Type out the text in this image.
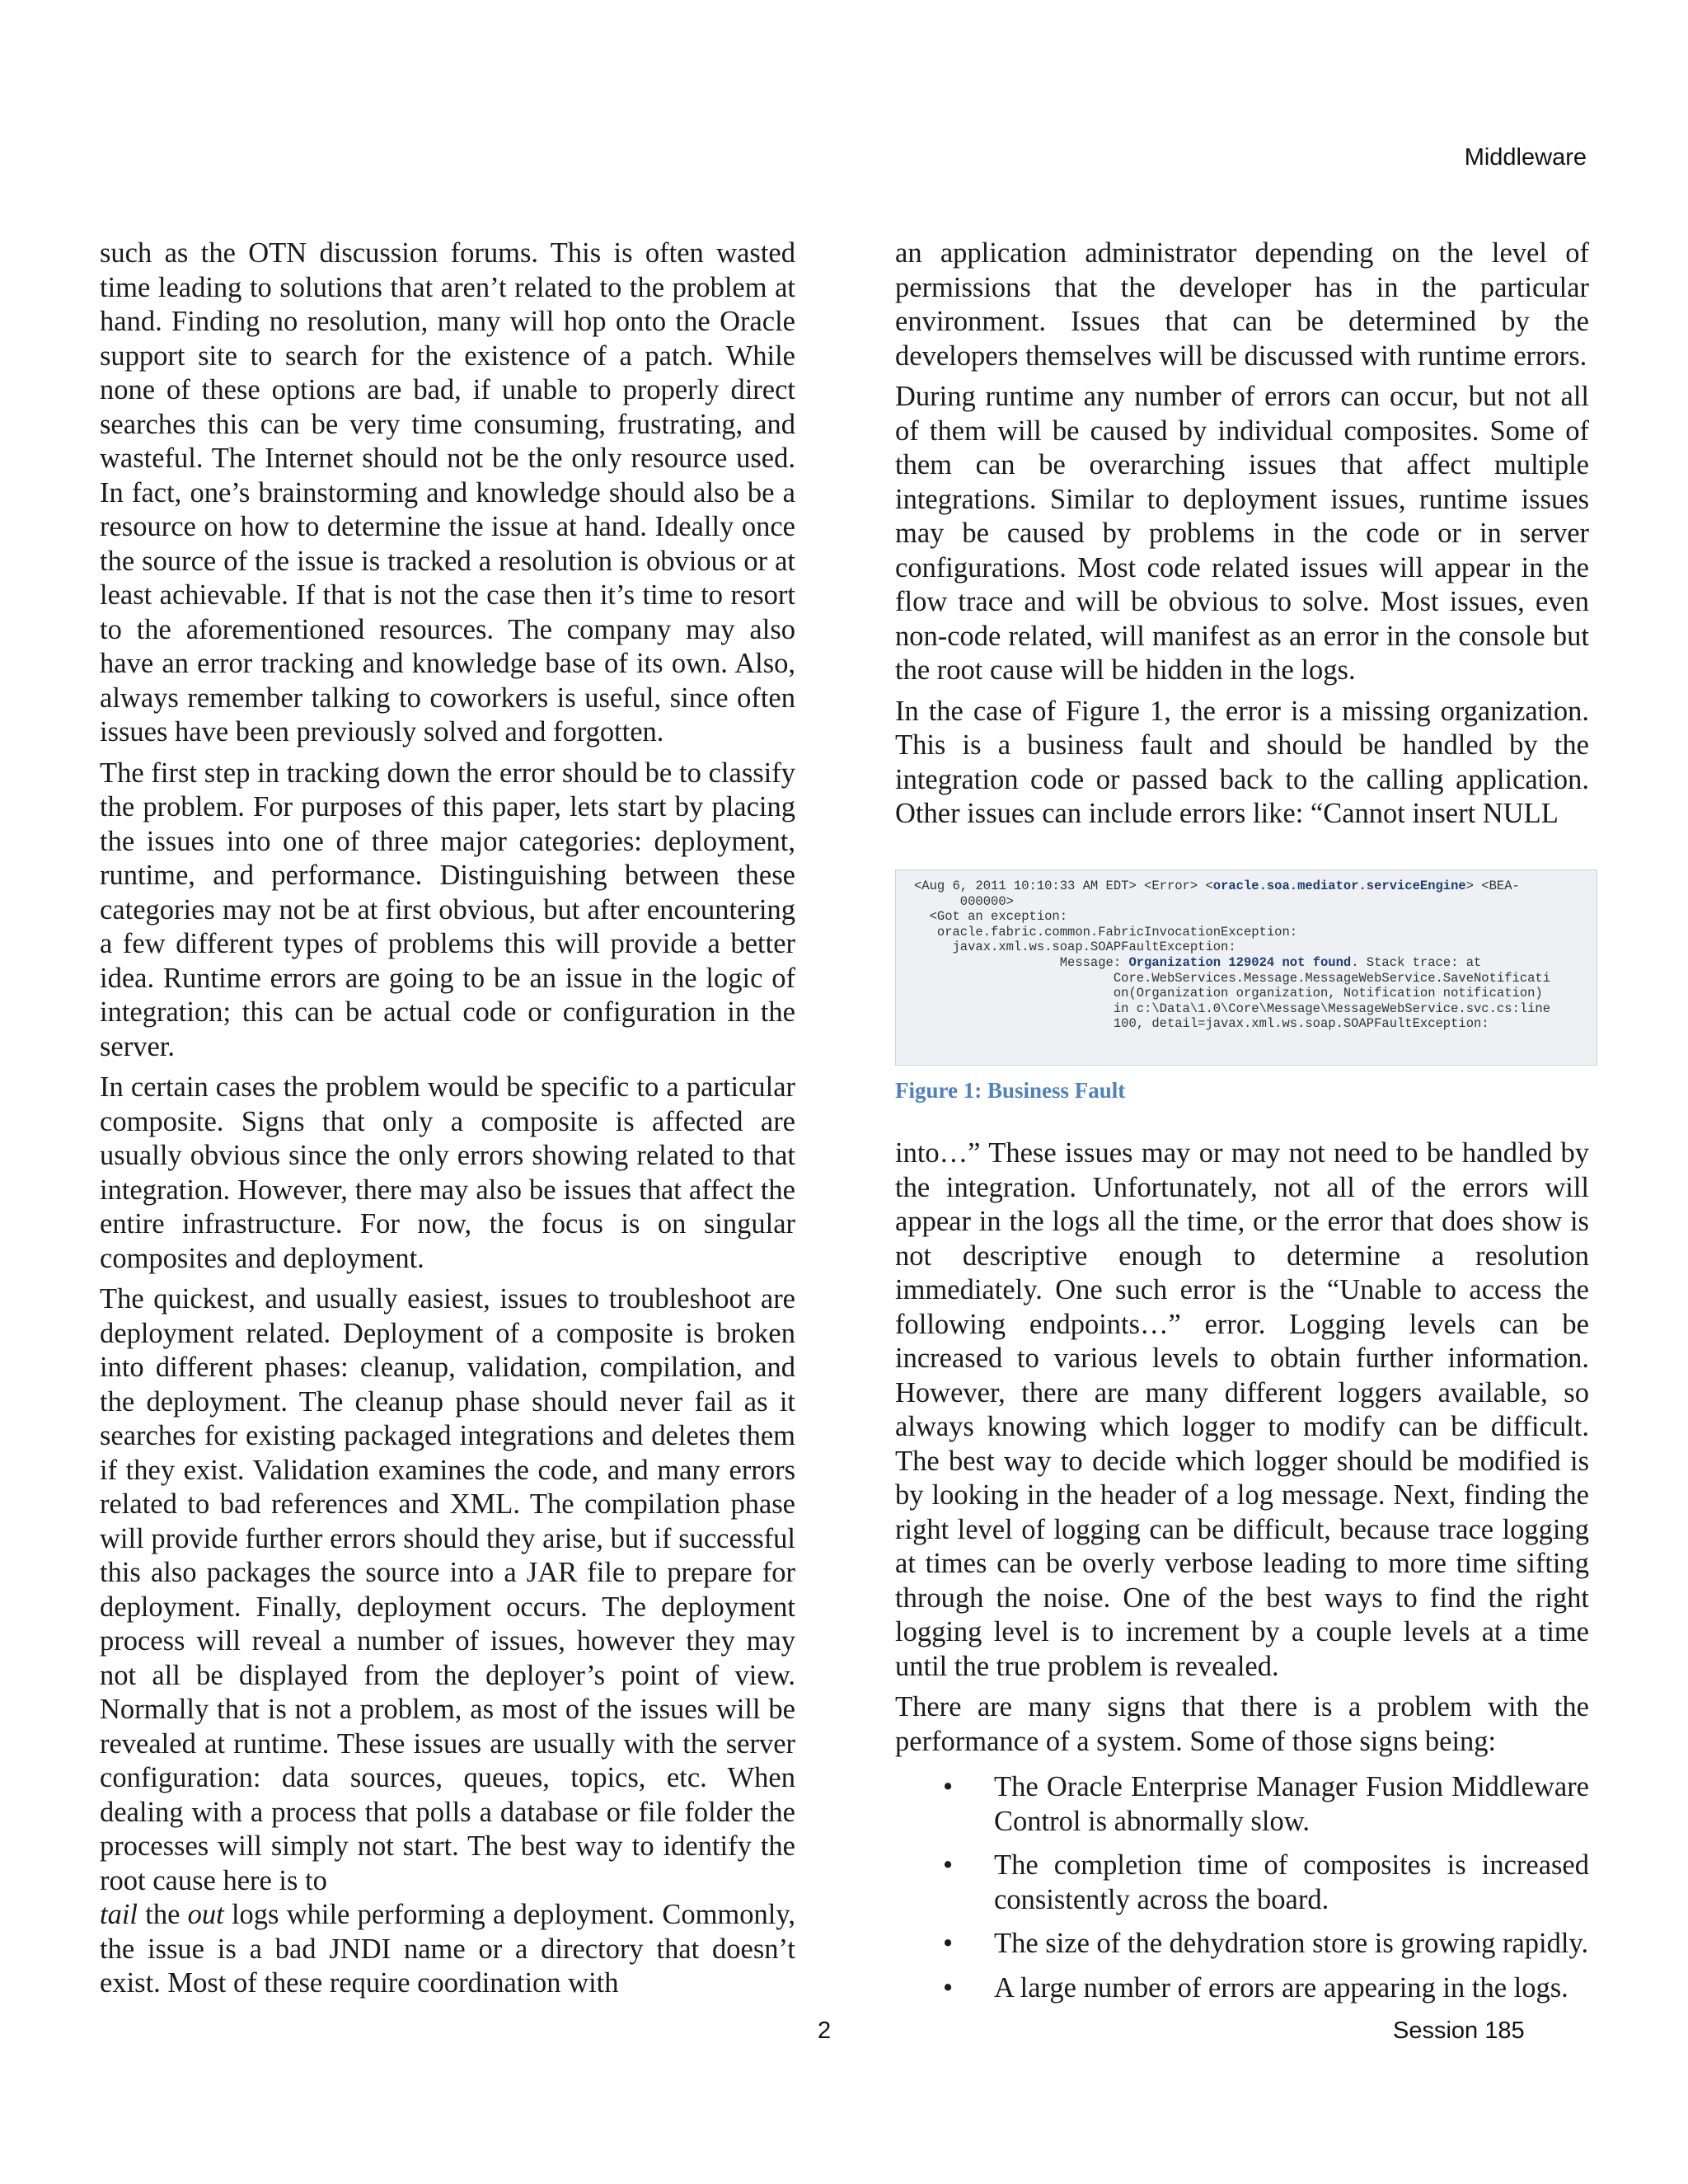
Middleware

such as the OTN discussion forums. This is often wasted time leading to solutions that aren’t related to the problem at hand. Finding no resolution, many will hop onto the Oracle support site to search for the existence of a patch. While none of these options are bad, if unable to properly direct searches this can be very time consuming, frustrating, and wasteful. The Internet should not be the only resource used. In fact, one’s brainstorming and knowledge should also be a resource on how to determine the issue at hand. Ideally once the source of the issue is tracked a resolution is obvious or at least achievable. If that is not the case then it’s time to resort to the aforementioned resources. The company may also have an error tracking and knowledge base of its own. Also, always remember talking to coworkers is useful, since often issues have been previously solved and forgotten.

The first step in tracking down the error should be to classify the problem. For purposes of this paper, lets start by placing the issues into one of three major categories: deployment, runtime, and performance. Distinguishing between these categories may not be at first obvious, but after encountering a few different types of problems this will provide a better idea. Runtime errors are going to be an issue in the logic of integration; this can be actual code or configuration in the server.

In certain cases the problem would be specific to a particular composite. Signs that only a composite is affected are usually obvious since the only errors showing related to that integration. However, there may also be issues that affect the entire infrastructure. For now, the focus is on singular composites and deployment.

The quickest, and usually easiest, issues to troubleshoot are deployment related. Deployment of a composite is broken into different phases: cleanup, validation, compilation, and the deployment. The cleanup phase should never fail as it searches for existing packaged integrations and deletes them if they exist. Validation examines the code, and many errors related to bad references and XML. The compilation phase will provide further errors should they arise, but if successful this also packages the source into a JAR file to prepare for deployment. Finally, deployment occurs. The deployment process will reveal a number of issues, however they may not all be displayed from the deployer’s point of view. Normally that is not a problem, as most of the issues will be revealed at runtime. These issues are usually with the server configuration: data sources, queues, topics, etc. When dealing with a process that polls a database or file folder the processes will simply not start. The best way to identify the root cause here is to
tail the out logs while performing a deployment. Commonly, the issue is a bad JNDI name or a directory that doesn’t exist. Most of these require coordination with

an application administrator depending on the level of permissions that the developer has in the particular environment. Issues that can be determined by the developers themselves will be discussed with runtime errors.

During runtime any number of errors can occur, but not all of them will be caused by individual composites. Some of them can be overarching issues that affect multiple integrations. Similar to deployment issues, runtime issues may be caused by problems in the code or in server configurations. Most code related issues will appear in the flow trace and will be obvious to solve. Most issues, even non-code related, will manifest as an error in the console but the root cause will be hidden in the logs.

In the case of Figure 1, the error is a missing organization. This is a business fault and should be handled by the integration code or passed back to the calling application. Other issues can include errors like: “Cannot insert NULL

<Aug 6, 2011 10:10:33 AM EDT> <Error> <oracle.soa.mediator.serviceEngine> <BEA-
000000>
<Got an exception:
oracle.fabric.common.FabricInvocationException:
javax.xml.ws.soap.SOAPFaultException:
Message: Organization 129024 not found. Stack trace: at
Core.WebServices.Message.MessageWebService.SaveNotificati
on(Organization organization, Notification notification)
in c:\Data\1.0\Core\Message\MessageWebService.svc.cs:line
100, detail=javax.xml.ws.soap.SOAPFaultException:
Figure 1: Business Fault

into…” These issues may or may not need to be handled by the integration. Unfortunately, not all of the errors will appear in the logs all the time, or the error that does show is not descriptive enough to determine a resolution immediately. One such error is the “Unable to access the following endpoints…” error. Logging levels can be increased to various levels to obtain further information. However, there are many different loggers available, so always knowing which logger to modify can be difficult. The best way to decide which logger should be modified is by looking in the header of a log message. Next, finding the right level of logging can be difficult, because trace logging at times can be overly verbose leading to more time sifting through the noise. One of the best ways to find the right logging level is to increment by a couple levels at a time until the true problem is revealed.

There are many signs that there is a problem with the performance of a system. Some of those signs being:

• The Oracle Enterprise Manager Fusion Middleware Control is abnormally slow.
• The completion time of composites is increased consistently across the board.
• The size of the dehydration store is growing rapidly.
• A large number of errors are appearing in the logs.
2	Session 185
